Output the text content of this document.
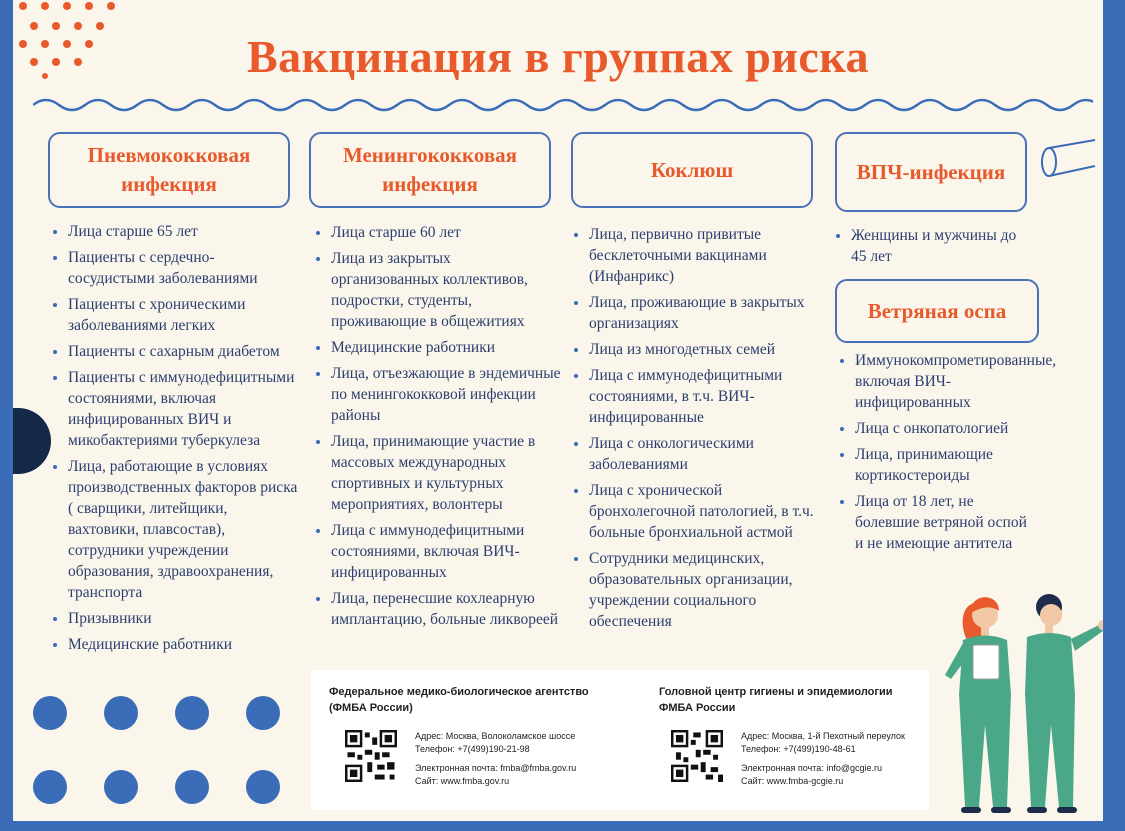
Вакцинация в группах риска
Пневмококковая инфекция
• Лица старше 65 лет
• Пациенты с сердечно-сосудистыми заболеваниями
• Пациенты с хроническими заболеваниями легких
• Пациенты с сахарным диабетом
• Пациенты с иммунодефицитными состояниями, включая инфицированных ВИЧ и микобактериями туберкулеза
• Лица, работающие в условиях производственных факторов риска ( сварщики, литейщики, вахтовики, плавсостав), сотрудники учреждении образования, здравоохранения, транспорта
• Призывники
• Медицинские работники
Менингококковая инфекция
• Лица старше 60 лет
• Лица из закрытых организованных коллективов, подростки, студенты, проживающие в общежитиях
• Медицинские работники
• Лица, отъезжающие в эндемичные по менингококковой инфекции районы
• Лица, принимающие участие в массовых международных спортивных и культурных мероприятиях, волонтеры
• Лица с иммунодефицитными состояниями, включая ВИЧ-инфицированных
• Лица, перенесшие кохлеарную имплантацию, больные ликвореей
Коклюш
• Лица, первично привитые бесклеточными вакцинами (Инфанрикс)
• Лица, проживающие в закрытых организациях
• Лица из многодетных семей
• Лица с иммунодефицитными состояниями, в т.ч. ВИЧ-инфицированные
• Лица с онкологическими заболеваниями
• Лица с хронической бронхолегочной патологией, в т.ч. больные бронхиальной астмой
• Сотрудники медицинских, образовательных организации, учреждении социального обеспечения
ВПЧ-инфекция
• Женщины и мужчины до 45 лет
Ветряная оспа
• Иммунокомпрометированные, включая ВИЧ-инфицированных
• Лица с онкопатологией
• Лица, принимающие кортикостероиды
• Лица от 18 лет, не болевшие ветряной оспой и не имеющие антитела
Федеральное медико-биологическое агентство (ФМБА России)
Адрес: Москва, Волоколамское шоссе
Телефон: +7(499)190-21-98
Электронная почта: fmba@fmba.gov.ru
Сайт: www.fmba.gov.ru
Головной центр гигиены и эпидемиологии ФМБА России
Адрес: Москва, 1-й Пехотный переулок
Телефон: +7(499)190-48-61
Электронная почта: info@gcgie.ru
Сайт: www.fmba-gcgie.ru
